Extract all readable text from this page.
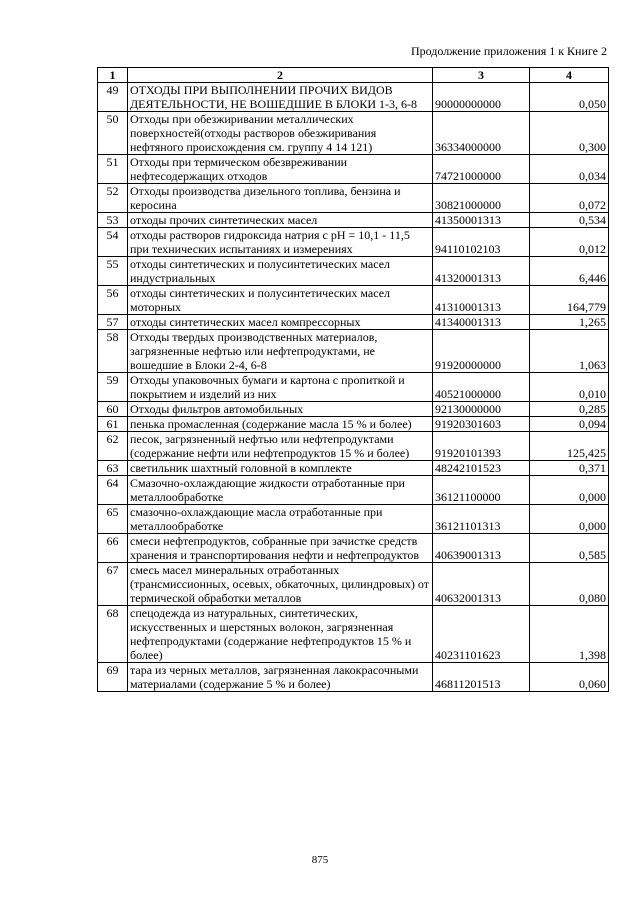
Продолжение приложения 1 к Книге 2
1	2	3	4
49	ОТХОДЫ ПРИ ВЫПОЛНЕНИИ ПРОЧИХ ВИДОВ ДЕЯТЕЛЬНОСТИ, НЕ ВОШЕДШИЕ В БЛОКИ 1-3, 6-8	90000000000	0,050
50	Отходы при обезжиривании металлических поверхностей(отходы растворов обезжиривания нефтяного происхождения см. группу 4 14 121)	36334000000	0,300
51	Отходы при термическом обезвреживании нефтесодержащих отходов	74721000000	0,034
52	Отходы производства дизельного топлива, бензина и керосина	30821000000	0,072
53	отходы прочих синтетических масел	41350001313	0,534
54	отходы растворов гидроксида натрия с pH = 10,1 - 11,5 при технических испытаниях и измерениях	94110102103	0,012
55	отходы синтетических и полусинтетических масел индустриальных	41320001313	6,446
56	отходы синтетических и полусинтетических масел моторных	41310001313	164,779
57	отходы синтетических масел компрессорных	41340001313	1,265
58	Отходы твердых производственных материалов, загрязненные нефтью или нефтепродуктами, не вошедшие в Блоки 2-4, 6-8	91920000000	1,063
59	Отходы упаковочных бумаги и картона с пропиткой и покрытием и изделий из них	40521000000	0,010
60	Отходы фильтров автомобильных	92130000000	0,285
61	пенька промасленная (содержание масла 15 % и более)	91920301603	0,094
62	песок, загрязненный нефтью или нефтепродуктами (содержание нефти или нефтепродуктов 15 % и более)	91920101393	125,425
63	светильник шахтный головной в комплекте	48242101523	0,371
64	Смазочно-охлаждающие жидкости отработанные при металлообработке	36121100000	0,000
65	смазочно-охлаждающие масла отработанные при металлообработке	36121101313	0,000
66	смеси нефтепродуктов, собранные при зачистке средств хранения и транспортирования нефти и нефтепродуктов	40639001313	0,585
67	смесь масел минеральных отработанных (трансмиссионных, осевых, обкаточных, цилиндровых) от термической обработки металлов	40632001313	0,080
68	спецодежда из натуральных, синтетических, искусственных и шерстяных волокон, загрязненная нефтепродуктами (содержание нефтепродуктов 15 % и более)	40231101623	1,398
69	тара из черных металлов, загрязненная лакокрасочными материалами (содержание 5 % и более)	46811201513	0,060
875
